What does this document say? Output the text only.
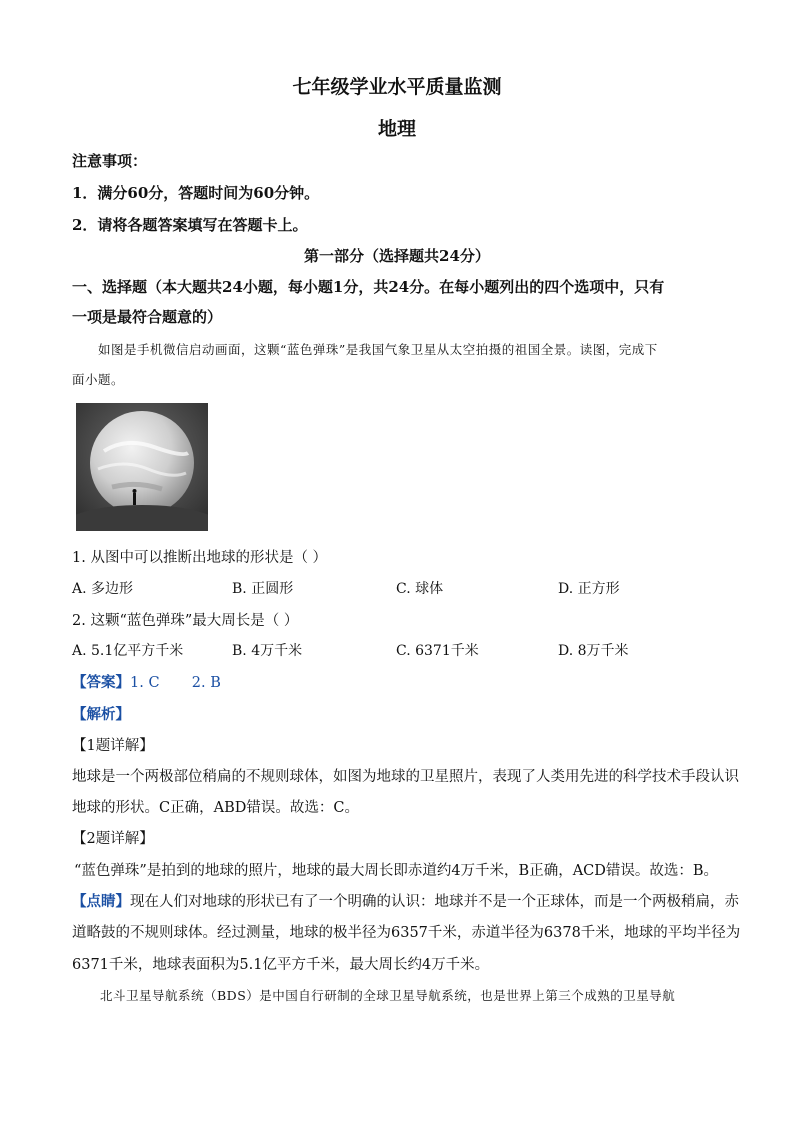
七年级学业水平质量监测
地理
注意事项：
1．满分60分，答题时间为60分钟。
2．请将各题答案填写在答题卡上。
第一部分（选择题共24分）
一、选择题（本大题共24小题，每小题1分，共24分。在每小题列出的四个选项中，只有
一项是最符合题意的）
如图是手机微信启动画面，这颗“蓝色弹珠”是我国气象卫星从太空拍摄的祖国全景。读图，完成下
面小题。
1. 从图中可以推断出地球的形状是（ ）
A. 多边形	B. 正圆形	C. 球体	D. 正方形
2. 这颗“蓝色弹珠”最大周长是（ ）
A. 5.1亿平方千米	B. 4万千米	C. 6371千米	D. 8万千米
【答案】1. C       2. B
【解析】
【1题详解】
地球是一个两极部位稍扁的不规则球体，如图为地球的卫星照片，表现了人类用先进的科学技术手段认识
地球的形状。C正确，ABD错误。故选：C。
【2题详解】
“蓝色弹珠”是拍到的地球的照片，地球的最大周长即赤道约4万千米，B正确，ACD错误。故选：B。
【点睛】现在人们对地球的形状已有了一个明确的认识：地球并不是一个正球体，而是一个两极稍扁，赤
道略鼓的不规则球体。经过测量，地球的极半径为6357千米，赤道半径为6378千米，地球的平均半径为
6371千米，地球表面积为5.1亿平方千米，最大周长约4万千米。
北斗卫星导航系统（BDS）是中国自行研制的全球卫星导航系统，也是世界上第三个成熟的卫星导航
